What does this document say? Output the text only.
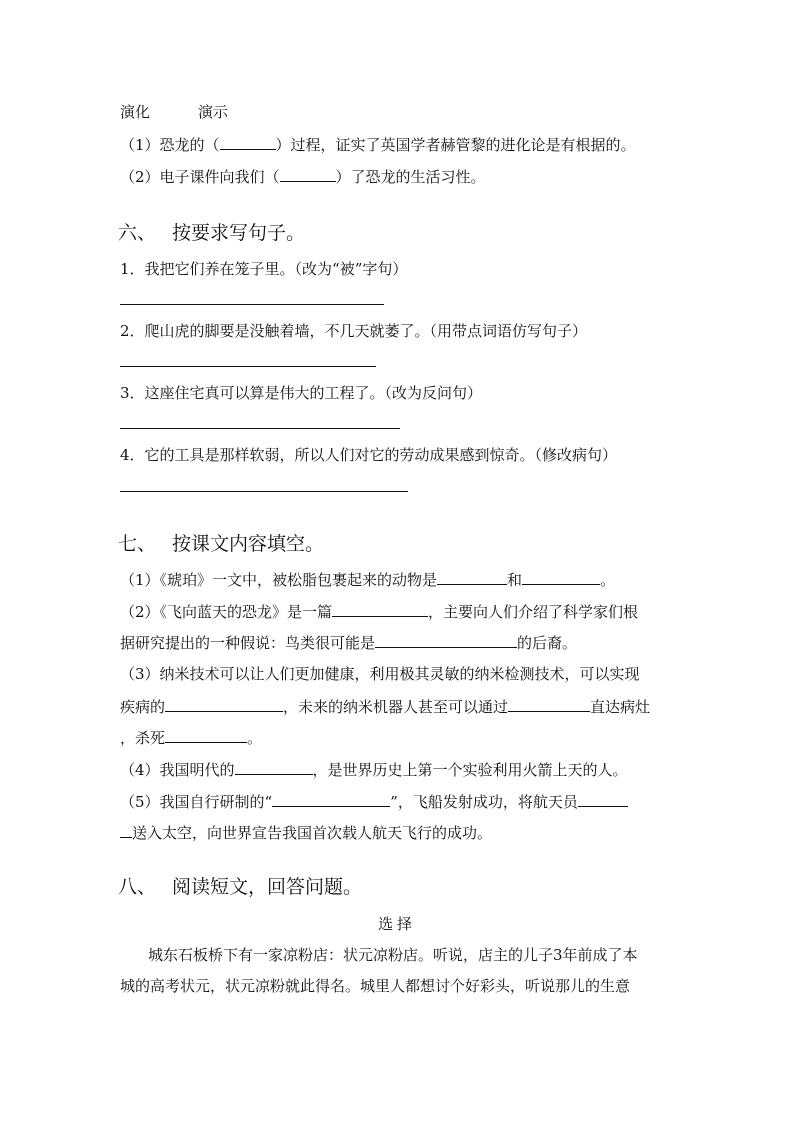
演化	演示
（1）恐龙的（	）过程，证实了英国学者赫管黎的进化论是有根据的。
（2）电子课件向我们（	）了恐龙的生活习性。
六、 按要求写句子。
1．我把它们养在笼子里。（改为“被”字句）
2．爬山虎的脚要是没触着墙，不几天就萎了。（用带点词语仿写句子）
3．这座住宅真可以算是伟大的工程了。（改为反问句）
4．它的工具是那样软弱，所以人们对它的劳动成果感到惊奇。（修改病句）
七、 按课文内容填空。
（1）《琥珀》一文中，被松脂包裹起来的动物是	和	。
（2）《飞向蓝天的恐龙》是一篇	，主要向人们介绍了科学家们根
据研究提出的一种假说：鸟类很可能是	的后裔。
（3）纳米技术可以让人们更加健康，利用极其灵敏的纳米检测技术，可以实现
疾病的	，未来的纳米机器人甚至可以通过	直达病灶
，杀死	。
（4）我国明代的	，是世界历史上第一个实验利用火箭上天的人。
（5）我国自行研制的“	”，飞船发射成功，将航天员
送入太空，向世界宣告我国首次载人航天飞行的成功。
八、 阅读短文，回答问题。
选择
城东石板桥下有一家凉粉店：状元凉粉店。听说，店主的儿子3年前成了本
城的高考状元，状元凉粉就此得名。城里人都想讨个好彩头，听说那儿的生意
